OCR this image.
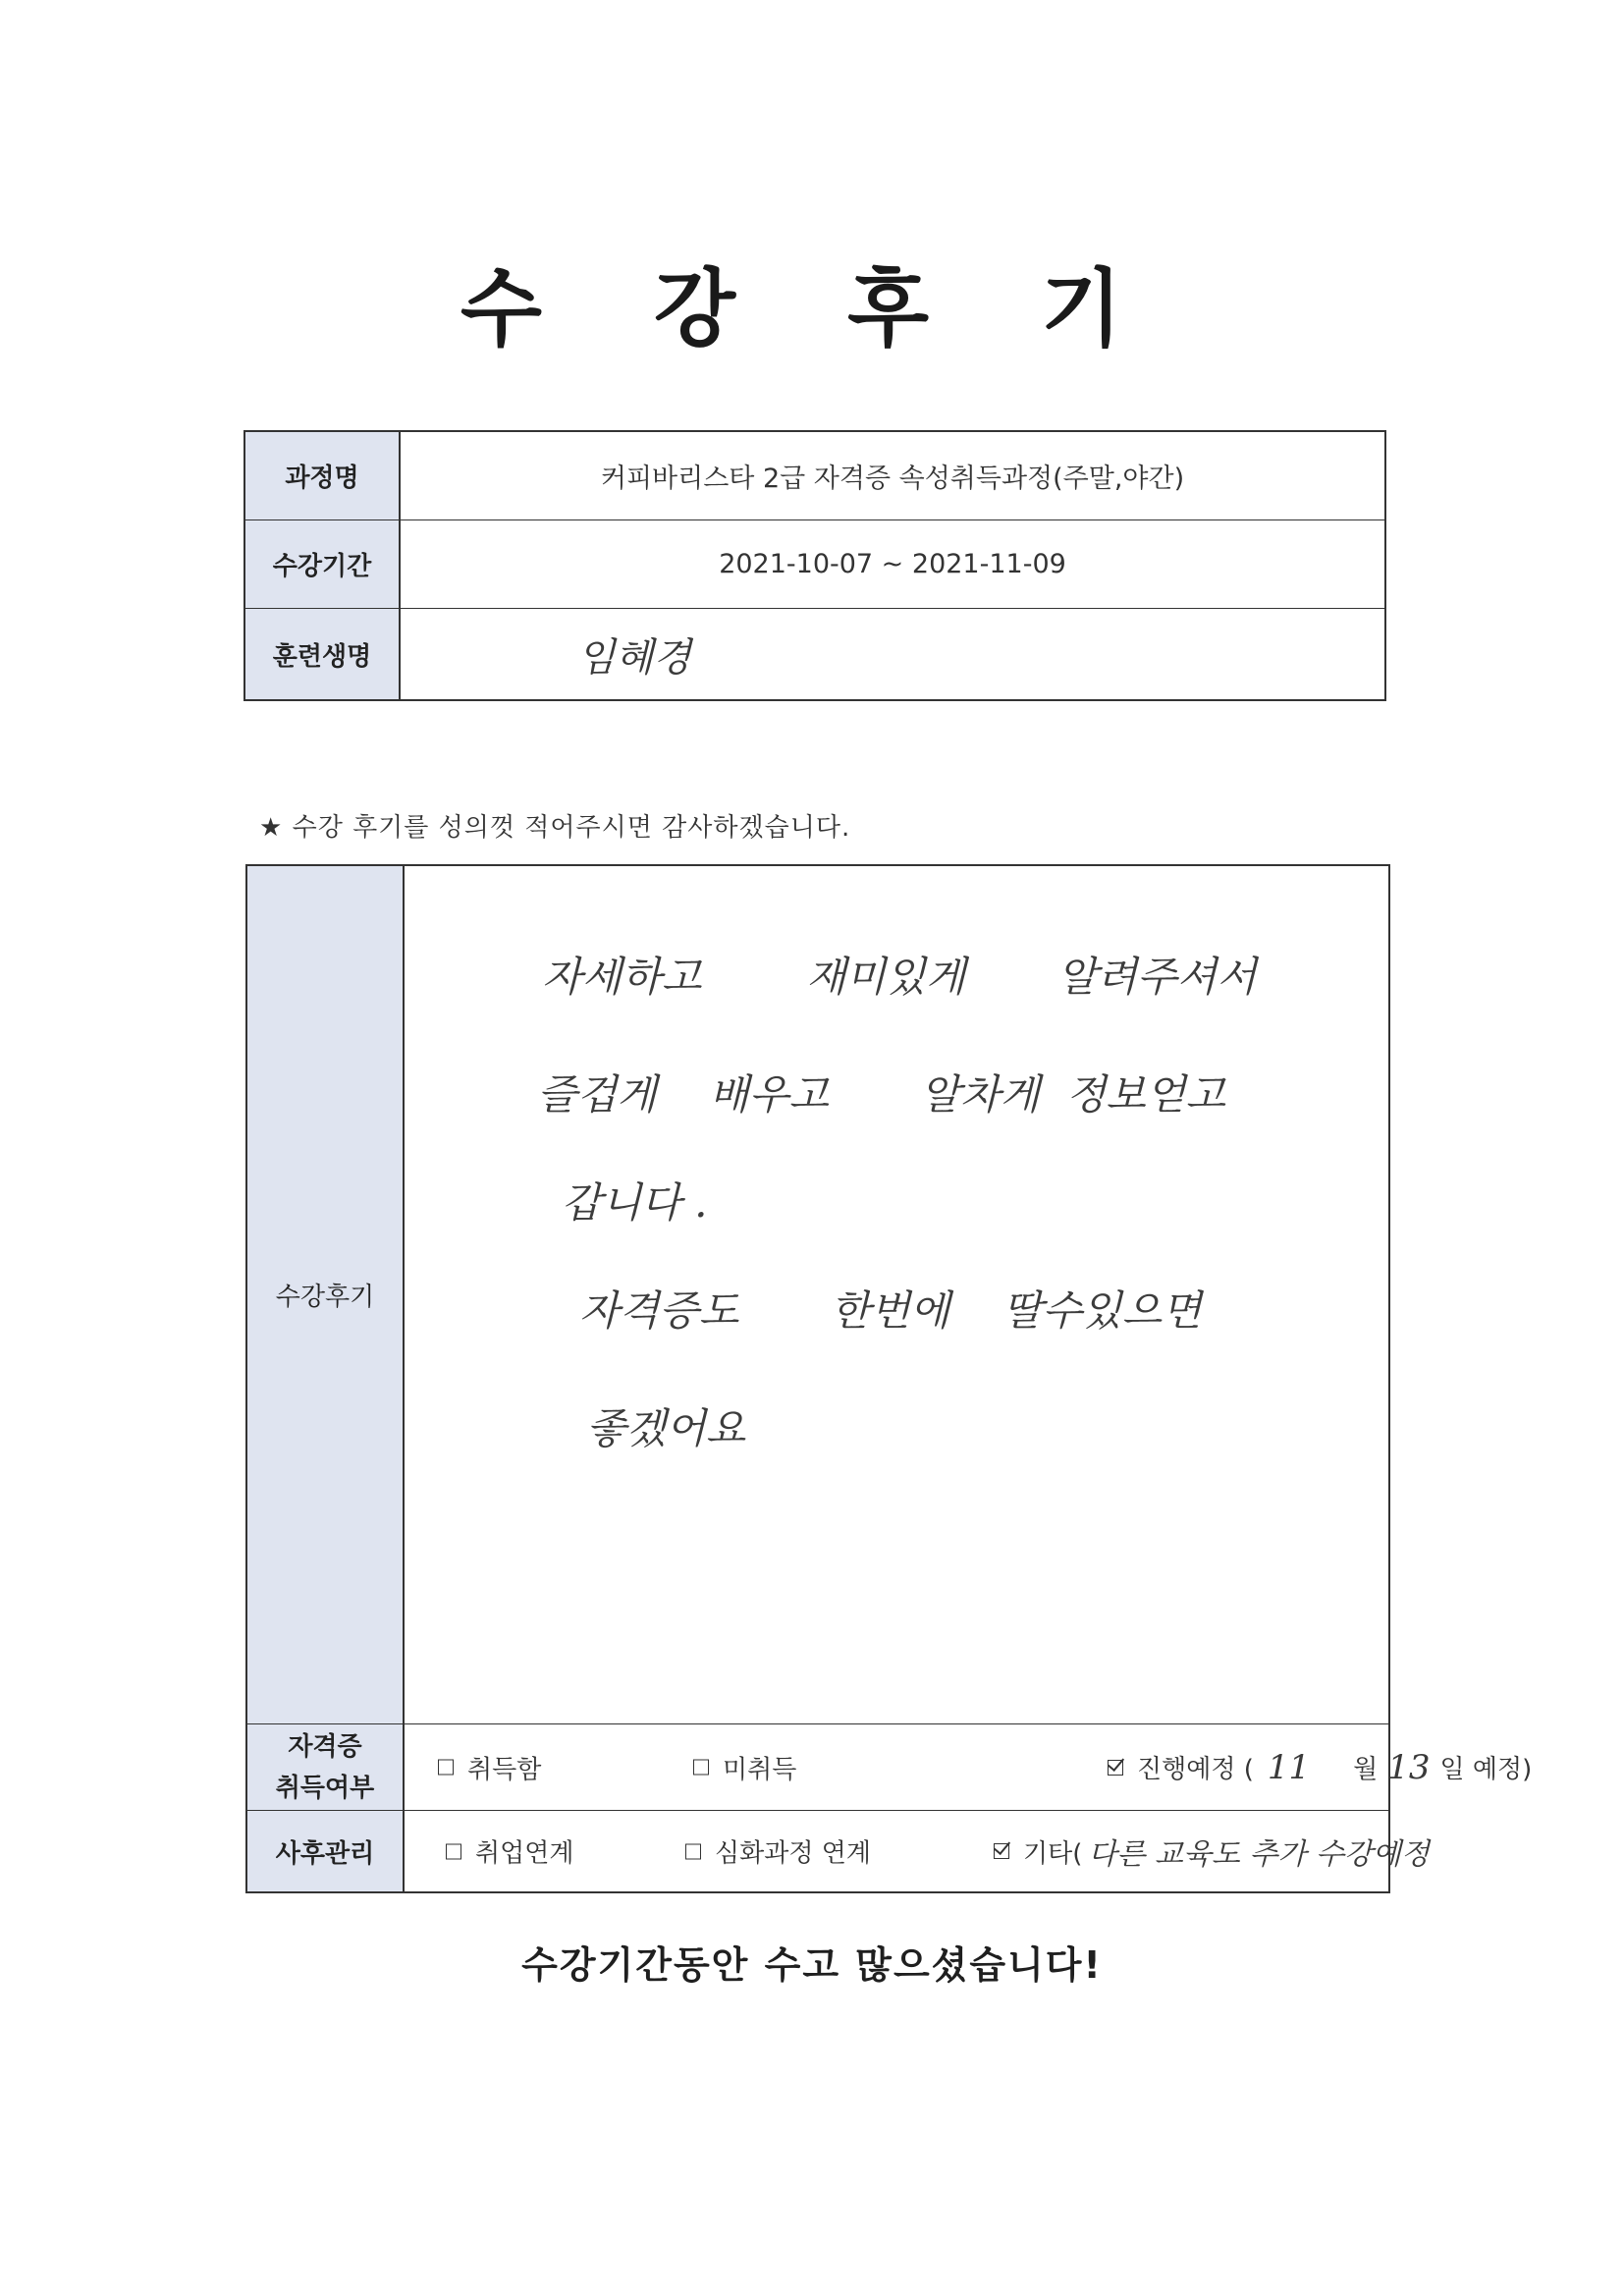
수 강 후 기
과정명	커피바리스타 2급 자격증 속성취득과정(주말,야간)
수강기간	2021-10-07 ~ 2021-11-09
훈련생명	임혜경
★ 수강 후기를 성의껏 적어주시면 감사하겠습니다.
수강후기
자세하고        재미있게       알려주셔서
즐겁게    배우고       알차게  정보얻고
갑니다 .
자격증도       한번에    딸수있으면
좋겠어요
자격증
취득여부
취득함	미취득	진행예정 ( 11 월 13 일 예정)
사후관리	취업연계	심화과정 연계	기타( 다른 교육도 추가 수강예정
수강기간동안 수고 많으셨습니다!
